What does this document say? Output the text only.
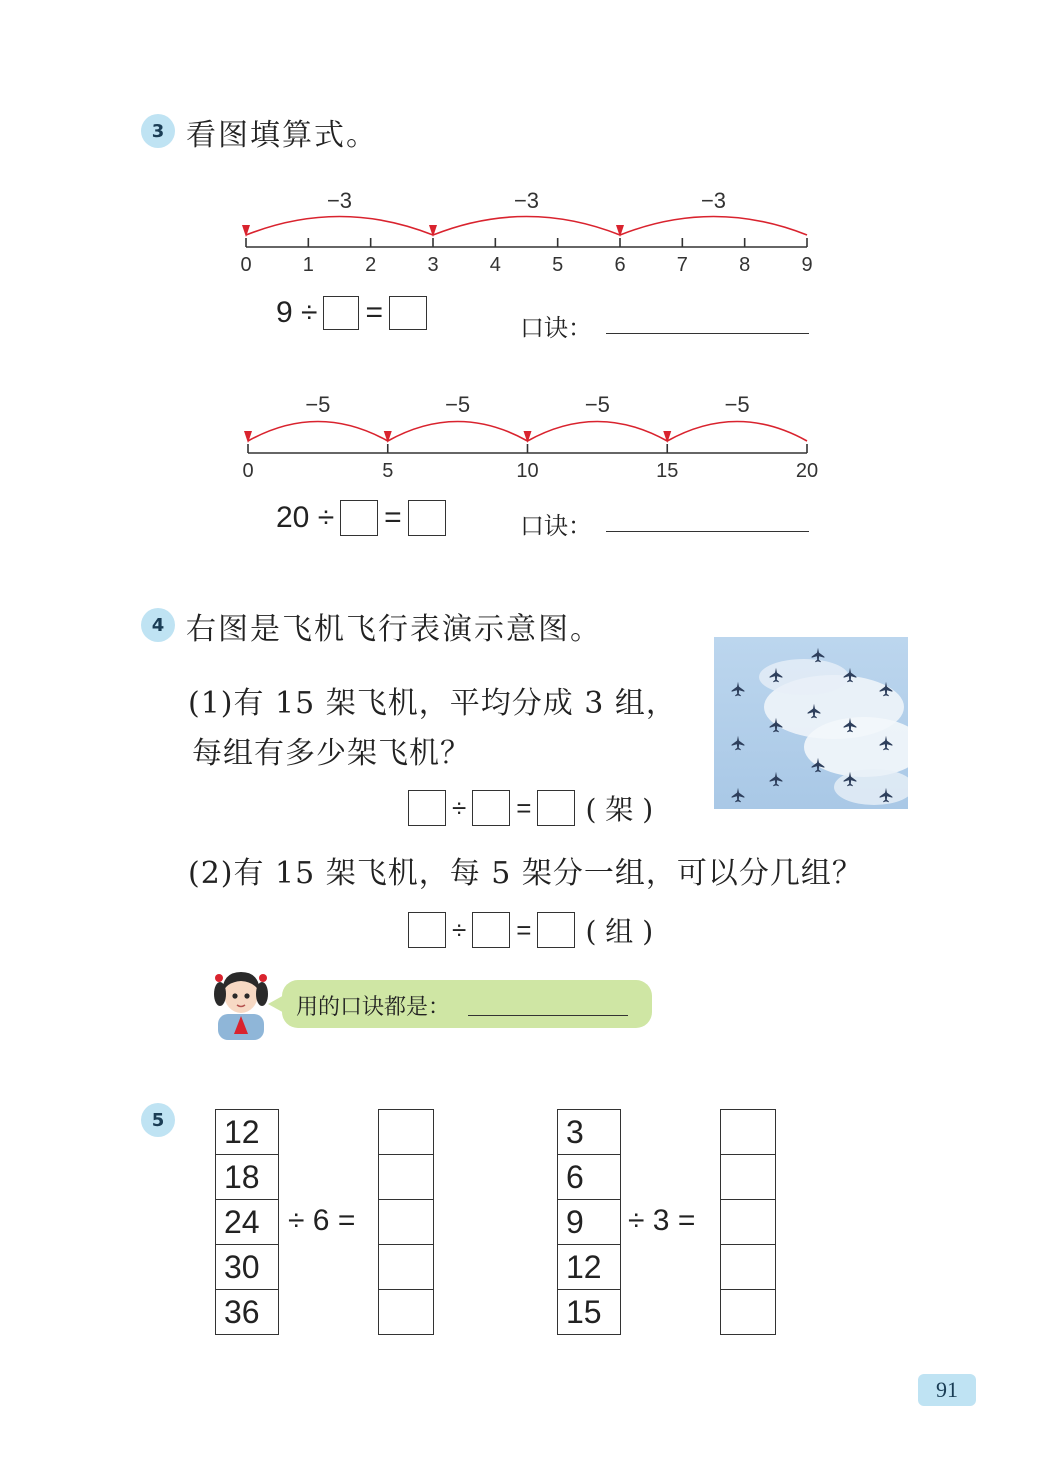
3 看图填算式。
0	1	2	3	4	5	6	7	8	9
−3
−3
−3
9 ÷ =	口诀：
0	5	10	15	20
−5
−5
−5
−5
20 ÷ =	口诀：
4 右图是飞机飞行表演示意图。
(1)有 15 架飞机，平均分成 3 组，
每组有多少架飞机？
÷ = ( 架 )
(2)有 15 架飞机，每 5 架分一组，可以分几组？
÷ = ( 组 )
用的口诀都是：
5	12
18
24
30
36
÷ 6 =

3
6
9
12
15
÷ 3 =

91
